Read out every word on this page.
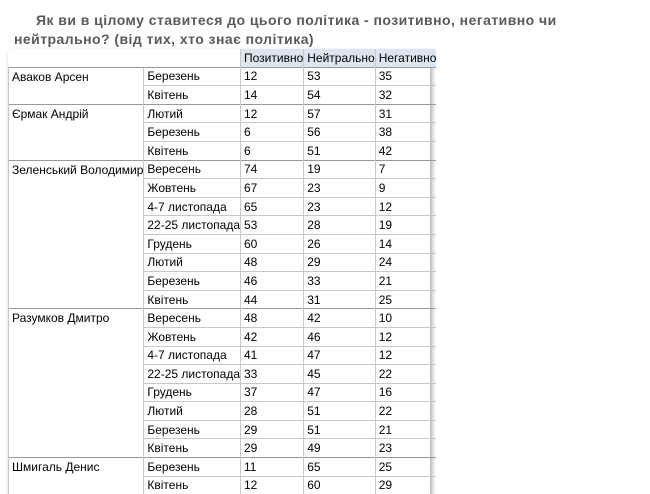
Як ви в цілому ставитеся до цього політика - позитивно, негативно чи нейтрально? (від тих, хто знає політика)
		Позитивно	Нейтрально	Негативно
Аваков Арсен	Березень	12	53	35
	Квітень	14	54	32
Єрмак Андрій	Лютий	12	57	31
	Березень	6	56	38
	Квітень	6	51	42
Зеленський Володимир	Вересень	74	19	7
	Жовтень	67	23	9
	4-7 листопада	65	23	12
	22-25 листопада	53	28	19
	Грудень	60	26	14
	Лютий	48	29	24
	Березень	46	33	21
	Квітень	44	31	25
Разумков Дмитро	Вересень	48	42	10
	Жовтень	42	46	12
	4-7 листопада	41	47	12
	22-25 листопада	33	45	22
	Грудень	37	47	16
	Лютий	28	51	22
	Березень	29	51	21
	Квітень	29	49	23
Шмигаль Денис	Березень	11	65	25
	Квітень	12	60	29
